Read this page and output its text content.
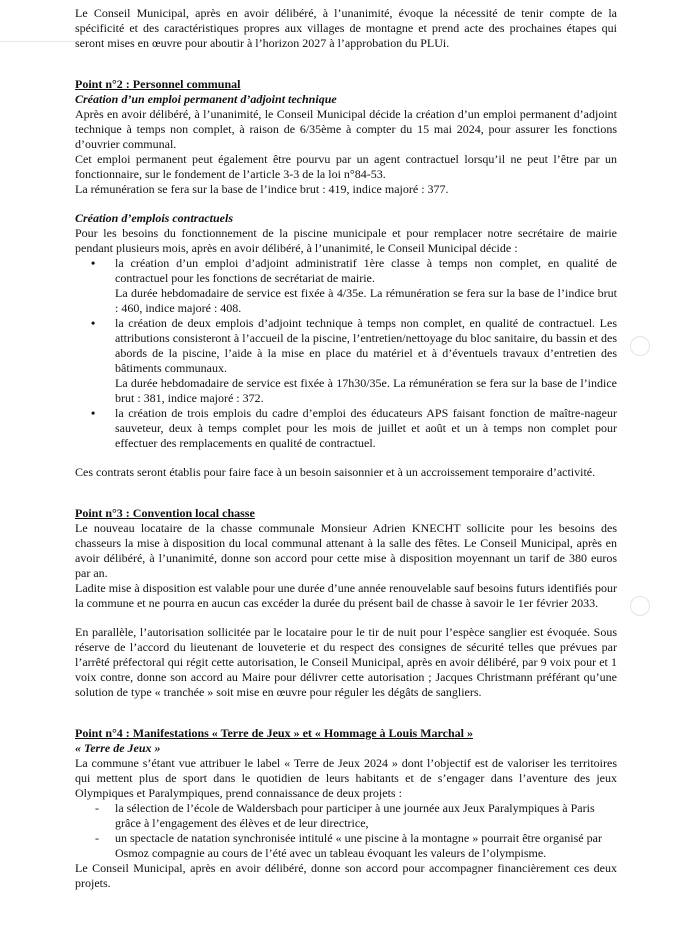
Le Conseil Municipal, après en avoir délibéré, à l’unanimité, évoque la nécessité de tenir compte de la spécificité et des caractéristiques propres aux villages de montagne et prend acte des prochaines étapes qui seront mises en œuvre pour aboutir à l’horizon 2027 à l’approbation du PLUi.

Point n°2 : Personnel communal

Création d’un emploi permanent d’adjoint technique

Après en avoir délibéré, à l’unanimité, le Conseil Municipal décide la création d’un emploi permanent d’adjoint technique à temps non complet, à raison de 6/35ème à compter du 15 mai 2024, pour assurer les fonctions d’ouvrier communal.

Cet emploi permanent peut également être pourvu par un agent contractuel lorsqu’il ne peut l’être par un fonctionnaire, sur le fondement de l’article 3-3 de la loi n°84-53.

La rémunération se fera sur la base de l’indice brut : 419, indice majoré : 377.

Création d’emplois contractuels

Pour les besoins du fonctionnement de la piscine municipale et pour remplacer notre secrétaire de mairie pendant plusieurs mois, après en avoir délibéré, à l’unanimité, le Conseil Municipal décide :

• la création d’un emploi d’adjoint administratif 1ère classe à temps non complet, en qualité de contractuel pour les fonctions de secrétariat de mairie.

La durée hebdomadaire de service est fixée à 4/35e. La rémunération se fera sur la base de l’indice brut : 460, indice majoré : 408.

• la création de deux emplois d’adjoint technique à temps non complet, en qualité de contractuel. Les attributions consisteront à l’accueil de la piscine, l’entretien/nettoyage du bloc sanitaire, du bassin et des abords de la piscine, l’aide à la mise en place du matériel et à d’éventuels travaux d’entretien des bâtiments communaux.

La durée hebdomadaire de service est fixée à 17h30/35e. La rémunération se fera sur la base de l’indice brut : 381, indice majoré : 372.

• la création de trois emplois du cadre d’emploi des éducateurs APS faisant fonction de maître-nageur sauveteur, deux à temps complet pour les mois de juillet et août et un à temps non complet pour effectuer des remplacements en qualité de contractuel.

Ces contrats seront établis pour faire face à un besoin saisonnier et à un accroissement temporaire d’activité.

Point n°3 : Convention local chasse

Le nouveau locataire de la chasse communale Monsieur Adrien KNECHT sollicite pour les besoins des chasseurs la mise à disposition du local communal attenant à la salle des fêtes. Le Conseil Municipal, après en avoir délibéré, à l’unanimité, donne son accord pour cette mise à disposition moyennant un tarif de 380 euros par an.

Ladite mise à disposition est valable pour une durée d’une année renouvelable sauf besoins futurs identifiés pour la commune et ne pourra en aucun cas excéder la durée du présent bail de chasse à savoir le 1er février 2033.

En parallèle, l’autorisation sollicitée par le locataire pour le tir de nuit pour l’espèce sanglier est évoquée. Sous réserve de l’accord du lieutenant de louveterie et du respect des consignes de sécurité telles que prévues par l’arrêté préfectoral qui régit cette autorisation, le Conseil Municipal, après en avoir délibéré, par 9 voix pour et 1 voix contre, donne son accord au Maire pour délivrer cette autorisation ; Jacques Christmann préférant qu’une solution de type « tranchée » soit mise en œuvre pour réguler les dégâts de sangliers.

Point n°4 : Manifestations « Terre de Jeux » et « Hommage à Louis Marchal »

« Terre de Jeux »

La commune s’étant vue attribuer le label « Terre de Jeux 2024 » dont l’objectif est de valoriser les territoires qui mettent plus de sport dans le quotidien de leurs habitants et de s’engager dans l’aventure des jeux Olympiques et Paralympiques, prend connaissance de deux projets :

- la sélection de l’école de Waldersbach pour participer à une journée aux Jeux Paralympiques à Paris grâce à l’engagement des élèves et de leur directrice,
- un spectacle de natation synchronisée intitulé « une piscine à la montagne » pourrait être organisé par Osmoz compagnie au cours de l’été avec un tableau évoquant les valeurs de l’olympisme.

Le Conseil Municipal, après en avoir délibéré, donne son accord pour accompagner financièrement ces deux projets.
